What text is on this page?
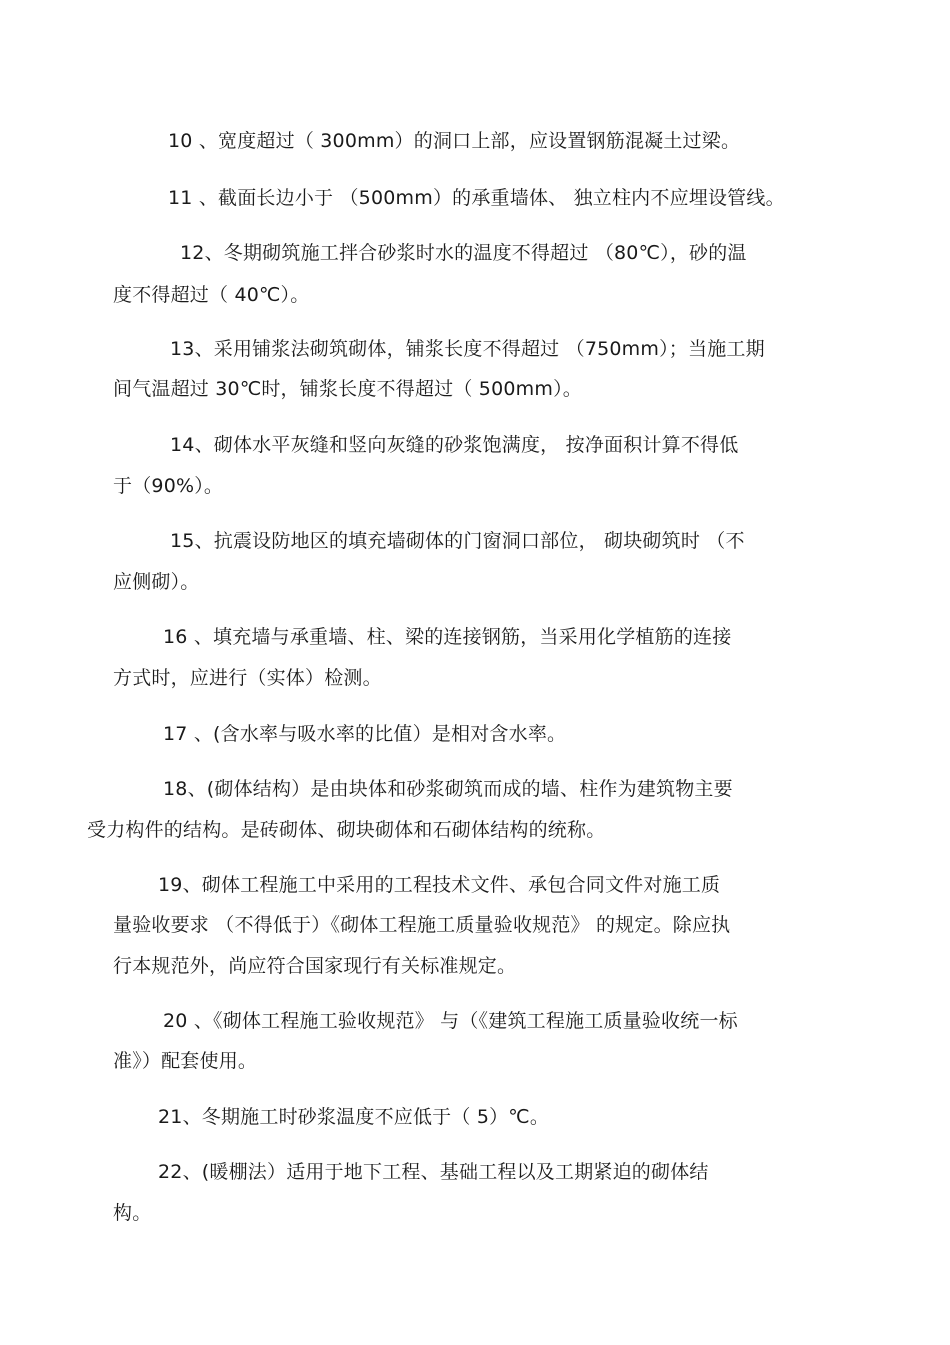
10 、宽度超过（ 300mm）的洞口上部，应设置钢筋混凝土过梁。
11 、截面长边小于 （500mm）的承重墙体、 独立柱内不应埋设管线。
12、冬期砌筑施工拌合砂浆时水的温度不得超过 （80℃），砂的温
度不得超过（ 40℃）。
13、采用铺浆法砌筑砌体，铺浆长度不得超过 （750mm）；当施工期
间气温超过 30℃时，铺浆长度不得超过（ 500mm）。
14、砌体水平灰缝和竖向灰缝的砂浆饱满度， 按净面积计算不得低
于（90%）。
15、抗震设防地区的填充墙砌体的门窗洞口部位， 砌块砌筑时 （不
应侧砌）。
16 、填充墙与承重墙、柱、梁的连接钢筋，当采用化学植筋的连接
方式时，应进行（实体）检测。
17 、(含水率与吸水率的比值）是相对含水率。
18、(砌体结构）是由块体和砂浆砌筑而成的墙、柱作为建筑物主要
受力构件的结构。是砖砌体、砌块砌体和石砌体结构的统称。
19、砌体工程施工中采用的工程技术文件、承包合同文件对施工质
量验收要求 （不得低于）《砌体工程施工质量验收规范》 的规定。除应执
行本规范外，尚应符合国家现行有关标准规定。
20 、《砌体工程施工验收规范》 与（《建筑工程施工质量验收统一标
准》）配套使用。
21、冬期施工时砂浆温度不应低于（ 5）℃。
22、(暖棚法）适用于地下工程、基础工程以及工期紧迫的砌体结
构。
